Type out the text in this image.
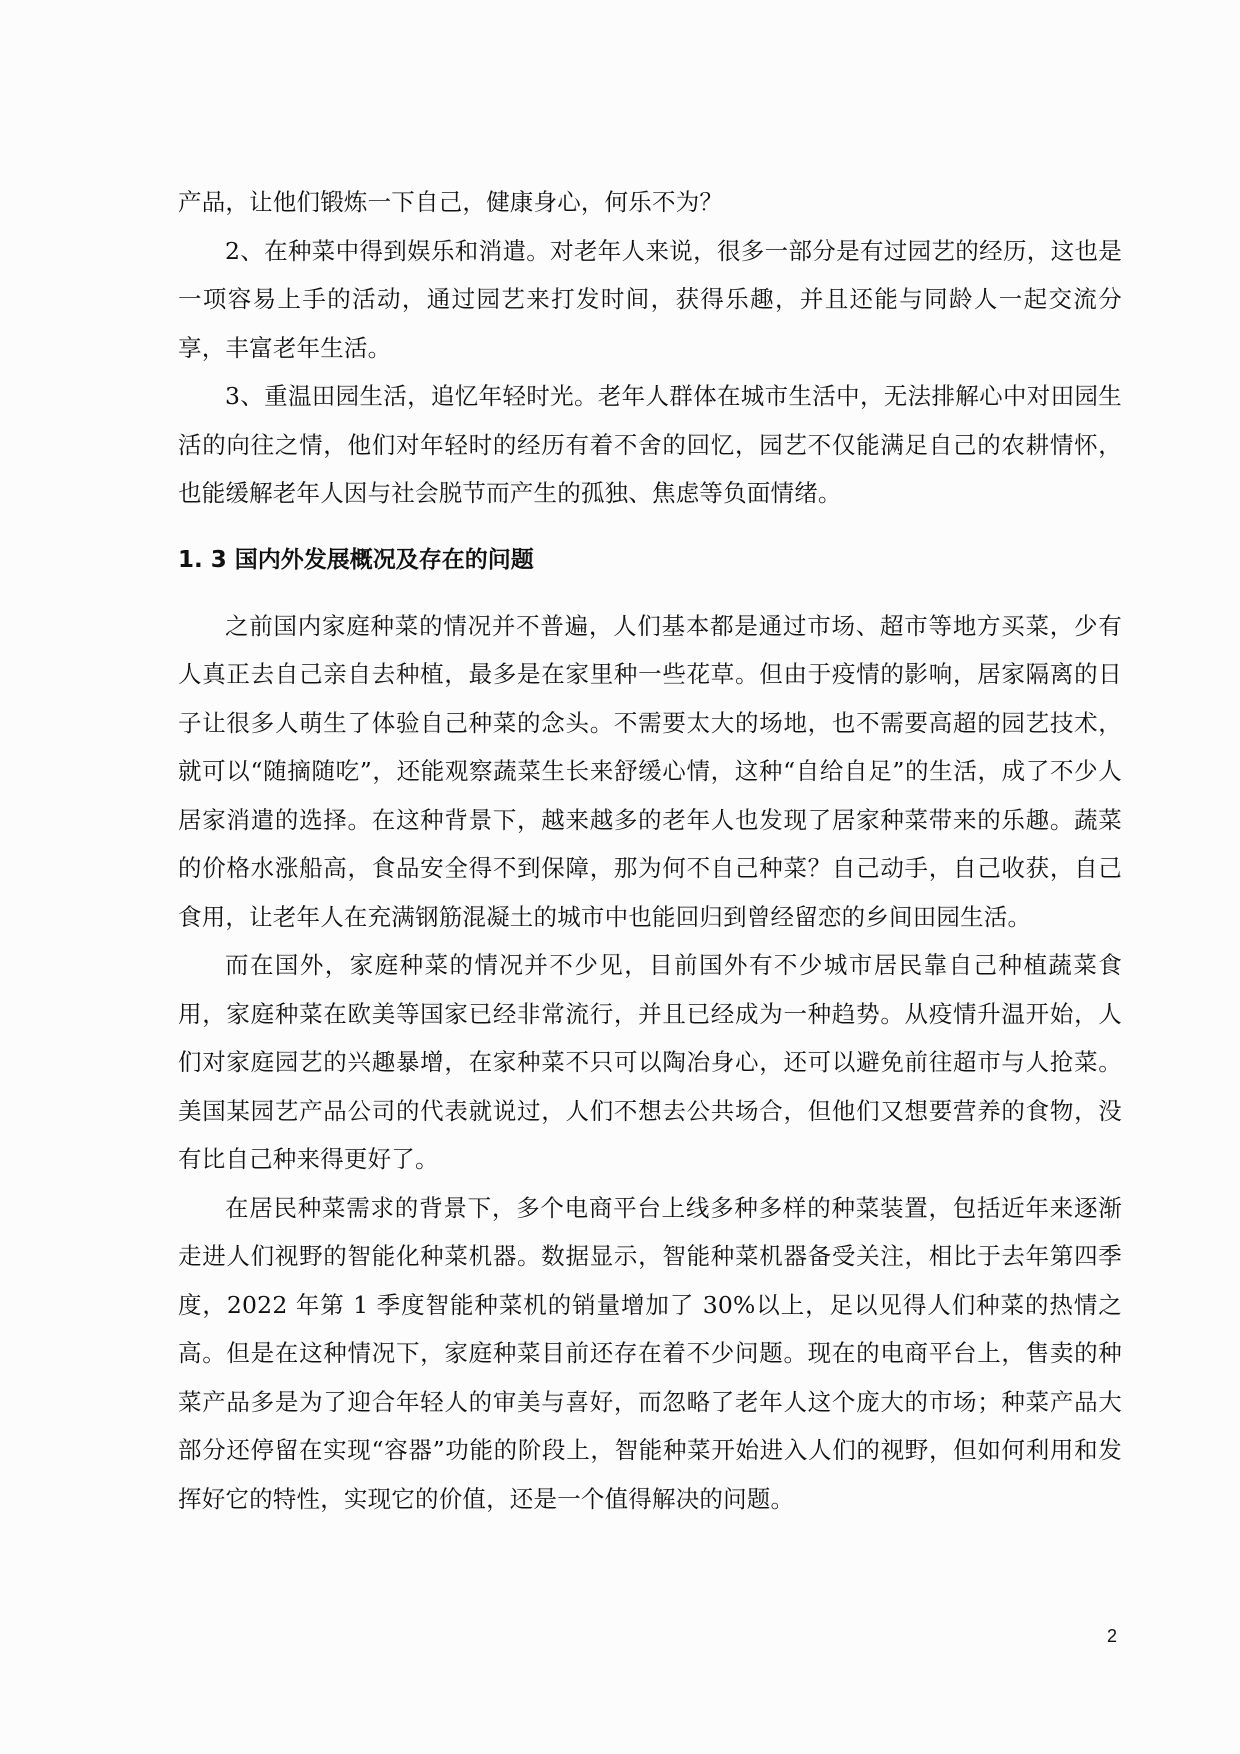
产品，让他们锻炼一下自己，健康身心，何乐不为？

2、在种菜中得到娱乐和消遣。对老年人来说，很多一部分是有过园艺的经历，这也是一项容易上手的活动，通过园艺来打发时间，获得乐趣，并且还能与同龄人一起交流分享，丰富老年生活。

3、重温田园生活，追忆年轻时光。老年人群体在城市生活中，无法排解心中对田园生活的向往之情，他们对年轻时的经历有着不舍的回忆，园艺不仅能满足自己的农耕情怀，也能缓解老年人因与社会脱节而产生的孤独、焦虑等负面情绪。

1. 3 国内外发展概况及存在的问题

之前国内家庭种菜的情况并不普遍，人们基本都是通过市场、超市等地方买菜，少有人真正去自己亲自去种植，最多是在家里种一些花草。但由于疫情的影响，居家隔离的日子让很多人萌生了体验自己种菜的念头。不需要太大的场地，也不需要高超的园艺技术，就可以“随摘随吃”，还能观察蔬菜生长来舒缓心情，这种“自给自足”的生活，成了不少人居家消遣的选择。在这种背景下，越来越多的老年人也发现了居家种菜带来的乐趣。蔬菜的价格水涨船高，食品安全得不到保障，那为何不自己种菜？自己动手，自己收获，自己食用，让老年人在充满钢筋混凝土的城市中也能回归到曾经留恋的乡间田园生活。

而在国外，家庭种菜的情况并不少见，目前国外有不少城市居民靠自己种植蔬菜食用，家庭种菜在欧美等国家已经非常流行，并且已经成为一种趋势。从疫情升温开始，人们对家庭园艺的兴趣暴增，在家种菜不只可以陶冶身心，还可以避免前往超市与人抢菜。美国某园艺产品公司的代表就说过，人们不想去公共场合，但他们又想要营养的食物，没有比自己种来得更好了。

在居民种菜需求的背景下，多个电商平台上线多种多样的种菜装置，包括近年来逐渐走进人们视野的智能化种菜机器。数据显示，智能种菜机器备受关注，相比于去年第四季度，2022 年第 1 季度智能种菜机的销量增加了 30%以上，足以见得人们种菜的热情之高。但是在这种情况下，家庭种菜目前还存在着不少问题。现在的电商平台上，售卖的种菜产品多是为了迎合年轻人的审美与喜好，而忽略了老年人这个庞大的市场；种菜产品大部分还停留在实现“容器”功能的阶段上，智能种菜开始进入人们的视野，但如何利用和发挥好它的特性，实现它的价值，还是一个值得解决的问题。

2
